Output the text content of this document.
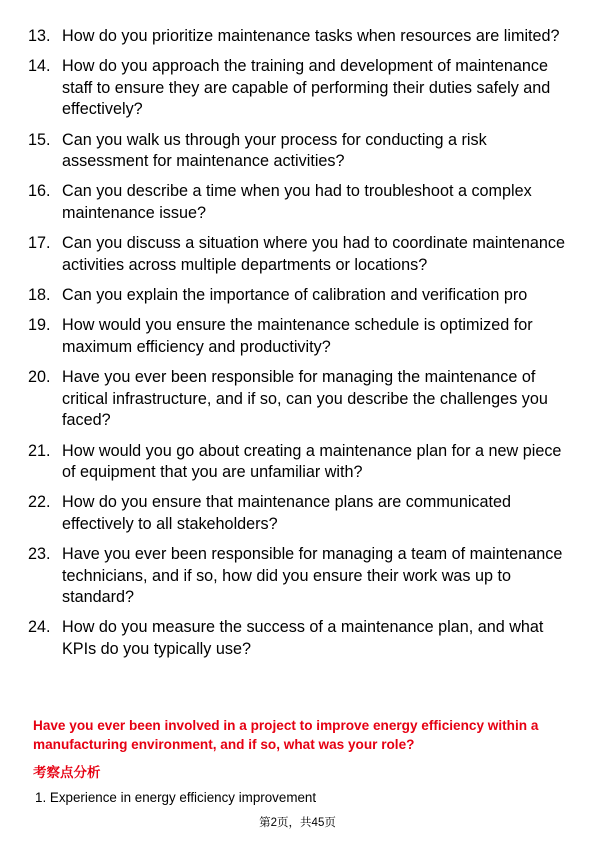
13. How do you prioritize maintenance tasks when resources are limited?
14. How do you approach the training and development of maintenance staff to ensure they are capable of performing their duties safely and effectively?
15. Can you walk us through your process for conducting a risk assessment for maintenance activities?
16. Can you describe a time when you had to troubleshoot a complex maintenance issue?
17. Can you discuss a situation where you had to coordinate maintenance activities across multiple departments or locations?
18. Can you explain the importance of calibration and verification pro
19. How would you ensure the maintenance schedule is optimized for maximum efficiency and productivity?
20. Have you ever been responsible for managing the maintenance of critical infrastructure, and if so, can you describe the challenges you faced?
21. How would you go about creating a maintenance plan for a new piece of equipment that you are unfamiliar with?
22. How do you ensure that maintenance plans are communicated effectively to all stakeholders?
23. Have you ever been responsible for managing a team of maintenance technicians, and if so, how did you ensure their work was up to standard?
24. How do you measure the success of a maintenance plan, and what KPIs do you typically use?
Have you ever been involved in a project to improve energy efficiency within a manufacturing environment, and if so, what was your role?
考察点分析
1. Experience in energy efficiency improvement
第2页，共45页
